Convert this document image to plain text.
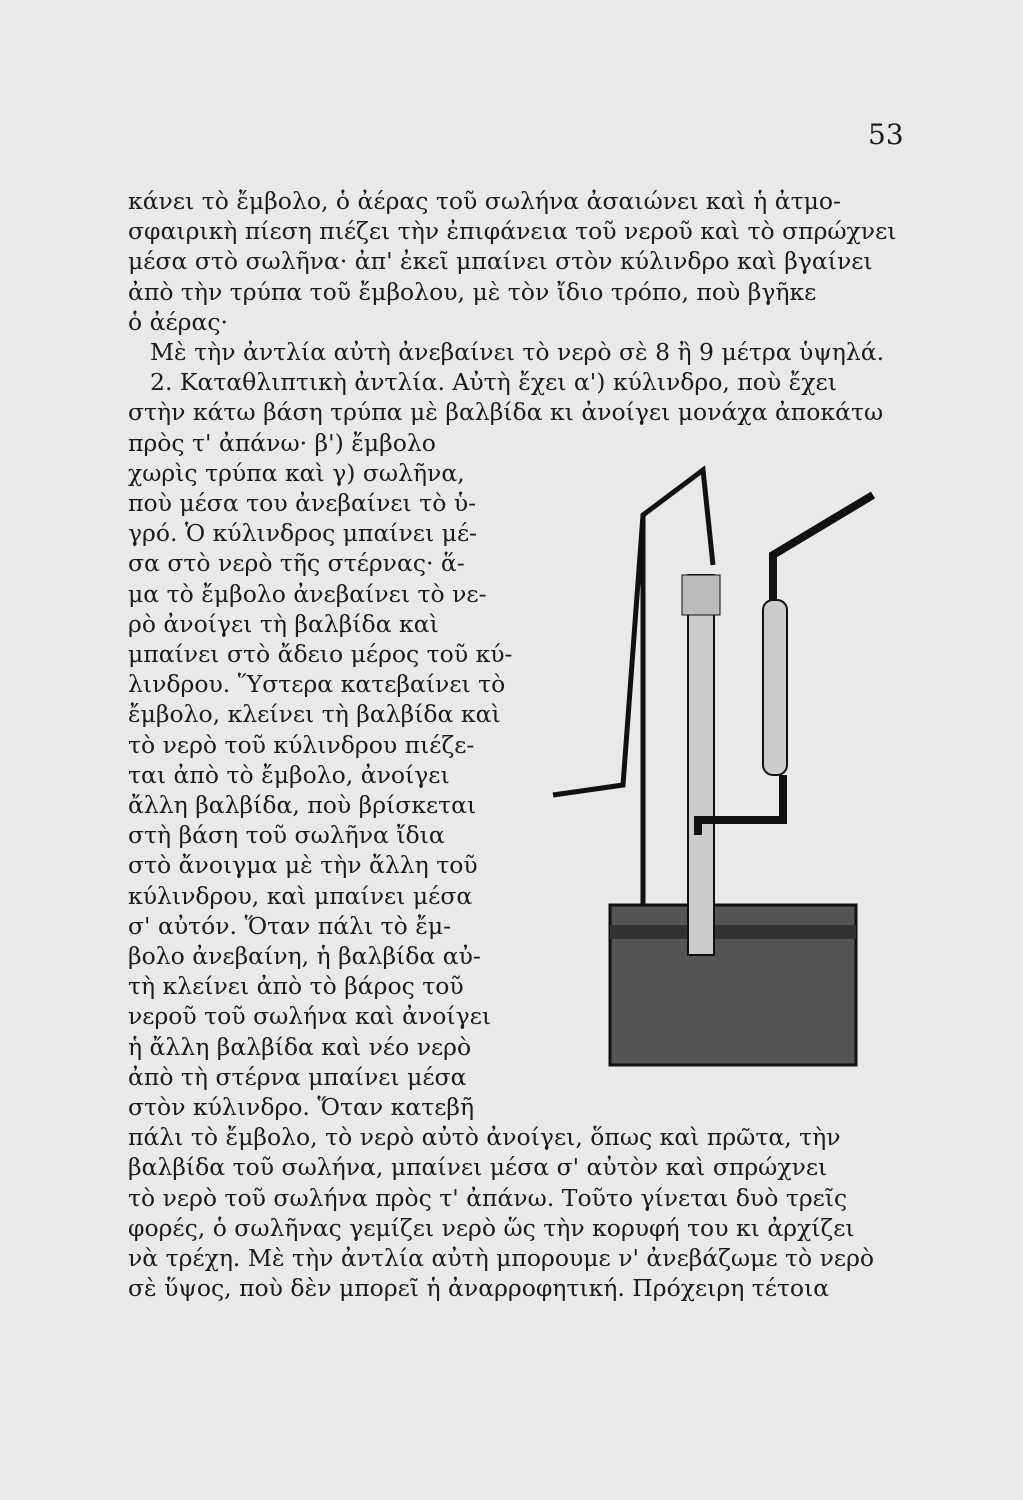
53
κάνει τὸ ἔμβολο, ὁ ἀέρας τοῦ σωλήνα ἀσαιώνει καὶ ἡ ἀτμο-
σφαιρικὴ πίεση πιέζει τὴν ἐπιφάνεια τοῦ νεροῦ καὶ τὸ σπρώχνει
μέσα στὸ σωλῆνα· ἀπ' ἐκεῖ μπαίνει στὸν κύλινδρο καὶ βγαίνει
ἀπὸ τὴν τρύπα τοῦ ἔμβολου, μὲ τὸν ἴδιο τρόπο, ποὺ βγῆκε
ὁ ἀέρας·
Μὲ τὴν ἀντλία αὐτὴ ἀνεβαίνει τὸ νερὸ σὲ 8 ἢ 9 μέτρα ὑψηλά.
2. Καταθλιπτικὴ ἀντλία. Αὐτὴ ἔχει α') κύλινδρο, ποὺ ἔχει
στὴν κάτω βάση τρύπα μὲ βαλβίδα κι ἀνοίγει μονάχα ἀποκάτω
πρὸς τ' ἀπάνω· β') ἔμβολο
χωρὶς τρύπα καὶ γ) σωλῆνα,
ποὺ μέσα του ἀνεβαίνει τὸ ὑ-
γρό. Ὁ κύλινδρος μπαίνει μέ-
σα στὸ νερὸ τῆς στέρνας· ἅ-
μα τὸ ἔμβολο ἀνεβαίνει τὸ νε-
ρὸ ἀνοίγει τὴ βαλβίδα καὶ
μπαίνει στὸ ἄδειο μέρος τοῦ κύ-
λινδρου. Ὕστερα κατεβαίνει τὸ
ἔμβολο, κλείνει τὴ βαλβίδα καὶ
τὸ νερὸ τοῦ κύλινδρου πιέζε-
ται ἀπὸ τὸ ἔμβολο, ἀνοίγει
ἄλλη βαλβίδα, ποὺ βρίσκεται
στὴ βάση τοῦ σωλῆνα ἴδια
στὸ ἄνοιγμα μὲ τὴν ἄλλη τοῦ
κύλινδρου, καὶ μπαίνει μέσα
σ' αὐτόν. Ὅταν πάλι τὸ ἔμ-
βολο ἀνεβαίνη, ἡ βαλβίδα αὐ-
τὴ κλείνει ἀπὸ τὸ βάρος τοῦ
νεροῦ τοῦ σωλήνα καὶ ἀνοίγει
ἡ ἄλλη βαλβίδα καὶ νέο νερὸ
ἀπὸ τὴ στέρνα μπαίνει μέσα
στὸν κύλινδρο. Ὅταν κατεβῆ
πάλι τὸ ἔμβολο, τὸ νερὸ αὐτὸ ἀνοίγει, ὅπως καὶ πρῶτα, τὴν
βαλβίδα τοῦ σωλήνα, μπαίνει μέσα σ' αὐτὸν καὶ σπρώχνει
τὸ νερὸ τοῦ σωλήνα πρὸς τ' ἀπάνω. Τοῦτο γίνεται δυὸ τρεῖς
φορές, ὁ σωλῆνας γεμίζει νερὸ ὥς τὴν κορυφή του κι ἀρχίζει
νὰ τρέχη. Μὲ τὴν ἀντλία αὐτὴ μπορουμε ν' ἀνεβάζωμε τὸ νερὸ
σὲ ὕψος, ποὺ δὲν μπορεῖ ἡ ἀναρροφητική. Πρόχειρη τέτοια
